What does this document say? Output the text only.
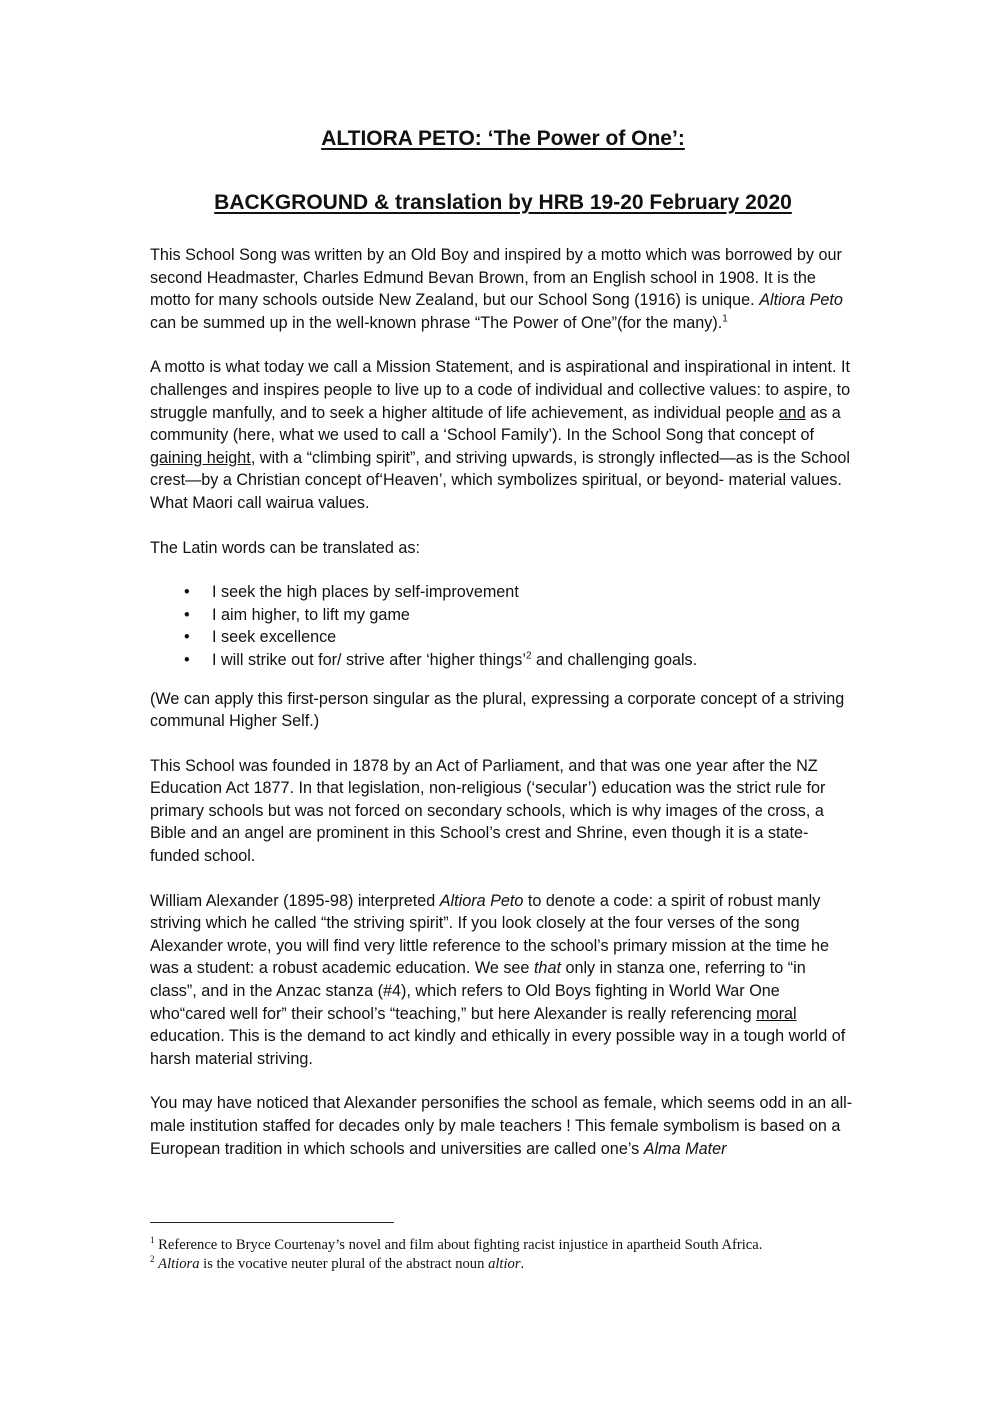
ALTIORA PETO: ‘The Power of One’:
BACKGROUND & translation by HRB 19-20 February 2020

This School Song was written by an Old Boy and inspired by a motto which was borrowed by our second Headmaster, Charles Edmund Bevan Brown, from an English school in 1908. It is the motto for many schools outside New Zealand, but our School Song (1916) is unique. Altiora Peto can be summed up in the well-known phrase “The Power of One”(for the many).$^1$

A motto is what today we call a Mission Statement, and is aspirational and inspirational in intent. It challenges and inspires people to live up to a code of individual and collective values: to aspire, to struggle manfully, and to seek a higher altitude of life achievement, as individual people and as a community (here, what we used to call a ‘School Family’). In the School Song that concept of gaining height, with a “climbing spirit”, and striving upwards, is strongly inflected—as is the School crest—by a Christian concept of‘Heaven’, which symbolizes spiritual, or beyond- material values. What Maori call wairua values.

The Latin words can be translated as:

• I seek the high places by self-improvement
• I aim higher, to lift my game
• I seek excellence
• I will strike out for/ strive after ‘higher things’$^2$ and challenging goals.

(We can apply this first-person singular as the plural, expressing a corporate concept of a striving communal Higher Self.)

This School was founded in 1878 by an Act of Parliament, and that was one year after the NZ Education Act 1877. In that legislation, non-religious (‘secular’) education was the strict rule for primary schools but was not forced on secondary schools, which is why images of the cross, a Bible and an angel are prominent in this School’s crest and Shrine, even though it is a state-funded school.

William Alexander (1895-98) interpreted Altiora Peto to denote a code: a spirit of robust manly striving which he called “the striving spirit”. If you look closely at the four verses of the song Alexander wrote, you will find very little reference to the school’s primary mission at the time he was a student: a robust academic education. We see that only in stanza one, referring to “in class”, and in the Anzac stanza (#4), which refers to Old Boys fighting in World War One who“cared well for” their school’s “teaching,” but here Alexander is really referencing moral education. This is the demand to act kindly and ethically in every possible way in a tough world of harsh material striving.

You may have noticed that Alexander personifies the school as female, which seems odd in an all-male institution staffed for decades only by male teachers ! This female symbolism is based on a European tradition in which schools and universities are called one’s Alma Mater

$^1$ Reference to Bryce Courtenay’s novel and film about fighting racist injustice in apartheid South Africa.

$^2$ Altiora is the vocative neuter plural of the abstract noun altior.
